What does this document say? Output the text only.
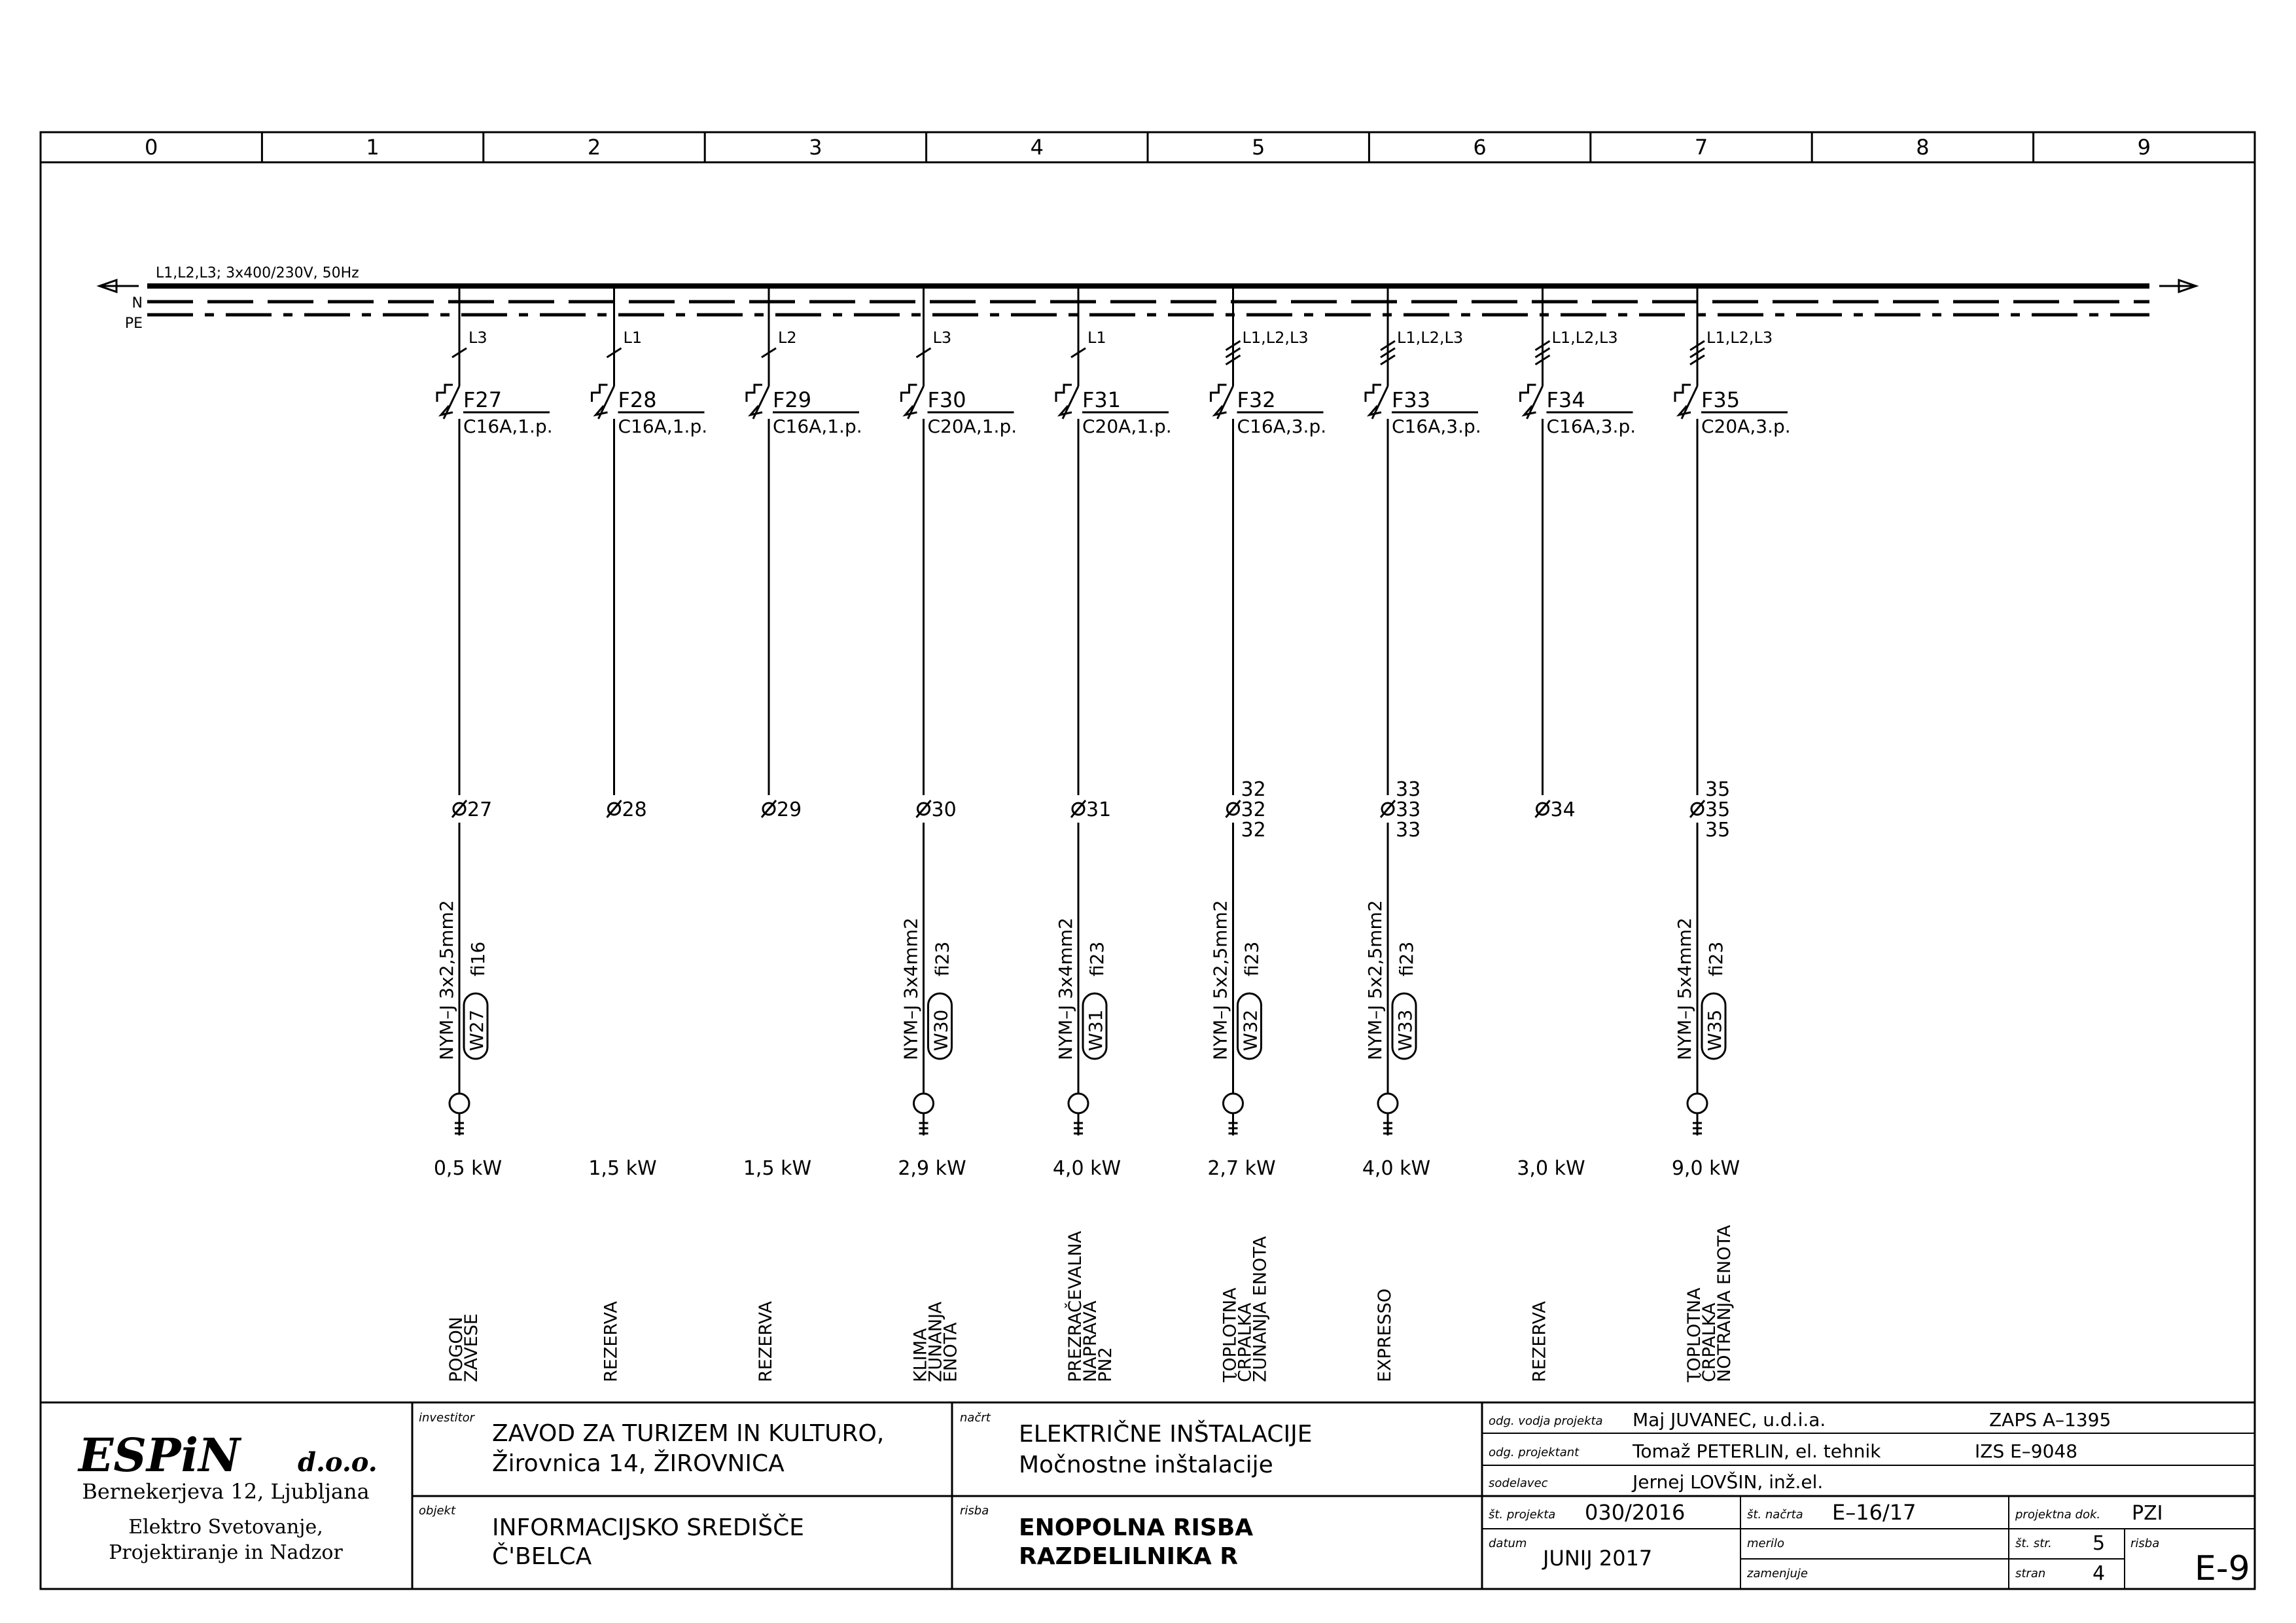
0	1	2	3	4	5	6	7	8	9
L1,L2,L3; 3x400/230V, 50Hz
N
PE
L3
F27
C16A,1.p.
27
NYM–J 3x2,5mm2 fi16
W27
0,5 kW
POGON
ZAVESE
L1
F28
C16A,1.p.
28
1,5 kW
REZERVA
L2
F29
C16A,1.p.
29
1,5 kW
REZERVA
L3
F30
C20A,1.p.
30
NYM–J 3x4mm2 fi23
W30
2,9 kW
KLIMA
ZUNANJA
ENOTA
L1
F31
C20A,1.p.
31
NYM–J 3x4mm2 fi23
W31
4,0 kW
PREZRAČEVALNA
NAPRAVA
PN2
L1,L2,L3
F32
C16A,3.p.
32
32
32
NYM–J 5x2,5mm2 fi23
W32
2,7 kW
TOPLOTNA
ČRPALKA
ZUNANJA ENOTA
L1,L2,L3
F33
C16A,3.p.
33
33
33
NYM–J 5x2,5mm2 fi23
W33
4,0 kW
EXPRESSO
L1,L2,L3
F34
C16A,3.p.
34
3,0 kW
REZERVA
L1,L2,L3
F35
C20A,3.p.
35
35
35
NYM–J 5x4mm2 fi23
W35
9,0 kW
TOPLOTNA
ČRPALKA
NOTRANJA ENOTA
ESPiN d.o.o.
Bernekerjeva 12, Ljubljana
Elektro Svetovanje,
Projektiranje in Nadzor
investitor
ZAVOD ZA TURIZEM IN KULTURO,
Žirovnica 14, ŽIROVNICA
objekt
INFORMACIJSKO SREDIŠČE
Č'BELCA
načrt
ELEKTRIČNE INŠTALACIJE
Močnostne inštalacije
risba
ENOPOLNA RISBA
RAZDELILNIKA R
odg. vodja projekta Maj JUVANEC, u.d.i.a.	ZAPS A–1395
odg. projektant	Tomaž PETERLIN, el. tehnik	IZS E–9048
sodelavec	Jernej LOVŠIN, inž.el.
št. projekta 030/2016	št. načrta E–16/17	projektna dok. PZI
datum
JUNIJ 2017
merilo
zamenjuje
št. str. 5
stran 4
risba
E-9
